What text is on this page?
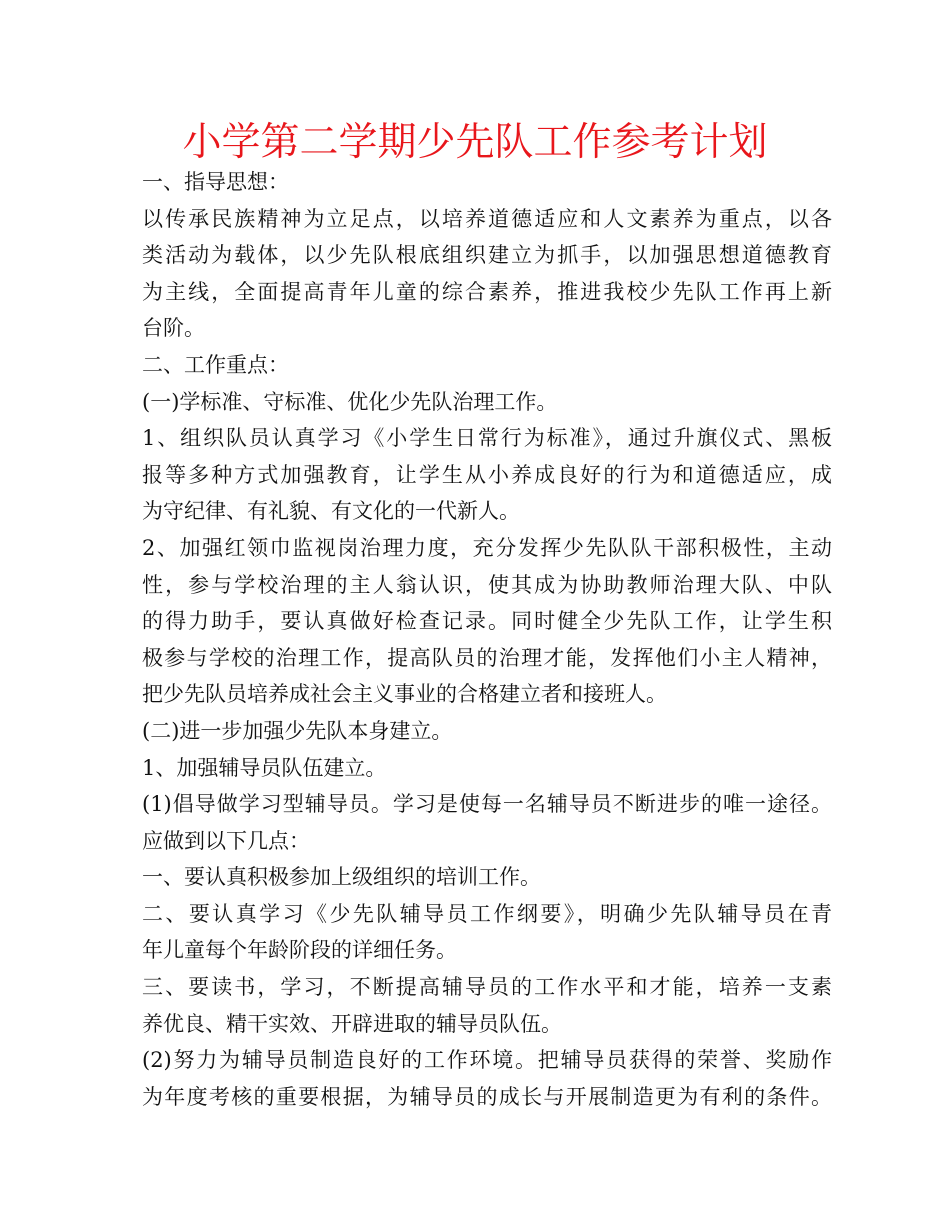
小学第二学期少先队工作参考计划
一、指导思想：
以传承民族精神为立足点，以培养道德适应和人文素养为重点，以各
类活动为载体，以少先队根底组织建立为抓手，以加强思想道德教育
为主线，全面提高青年儿童的综合素养，推进我校少先队工作再上新
台阶。
二、工作重点：
(一)学标准、守标准、优化少先队治理工作。
1、组织队员认真学习《小学生日常行为标准》，通过升旗仪式、黑板
报等多种方式加强教育，让学生从小养成良好的行为和道德适应，成
为守纪律、有礼貌、有文化的一代新人。
2、加强红领巾监视岗治理力度，充分发挥少先队队干部积极性，主动
性，参与学校治理的主人翁认识，使其成为协助教师治理大队、中队
的得力助手，要认真做好检查记录。同时健全少先队工作，让学生积
极参与学校的治理工作，提高队员的治理才能，发挥他们小主人精神，
把少先队员培养成社会主义事业的合格建立者和接班人。
(二)进一步加强少先队本身建立。
1、加强辅导员队伍建立。
(1)倡导做学习型辅导员。学习是使每一名辅导员不断进步的唯一途径。
应做到以下几点：
一、要认真积极参加上级组织的培训工作。
二、要认真学习《少先队辅导员工作纲要》，明确少先队辅导员在青
年儿童每个年龄阶段的详细任务。
三、要读书，学习，不断提高辅导员的工作水平和才能，培养一支素
养优良、精干实效、开辟进取的辅导员队伍。
(2)努力为辅导员制造良好的工作环境。把辅导员获得的荣誉、奖励作
为年度考核的重要根据，为辅导员的成长与开展制造更为有利的条件。
